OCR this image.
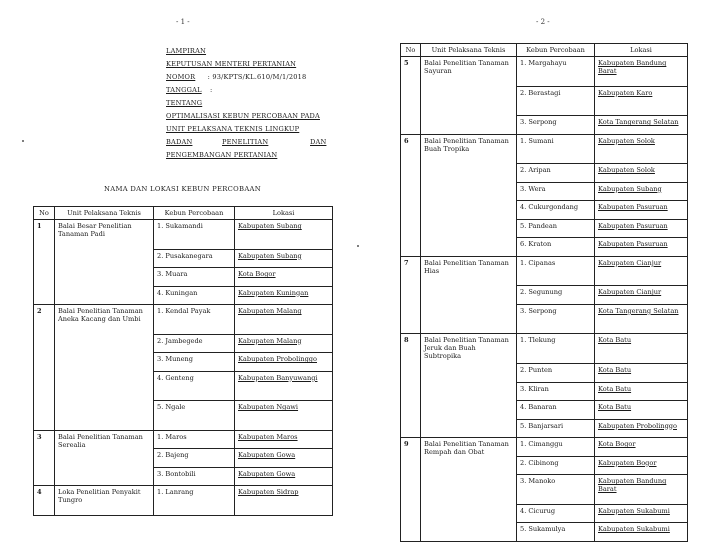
- 1 -	- 2 -
LAMPIRAN
KEPUTUSAN MENTERI PERTANIAN
NOMOR : 93/KPTS/KL.610/M/1/2018
TANGGAL :
TENTANG
OPTIMALISASI KEBUN PERCOBAAN PADA
UNIT PELAKSANA TEKNIS LINGKUP
BADAN	PENELITIAN	DAN
PENGEMBANGAN PERTANIAN
NAMA DAN LOKASI KEBUN PERCOBAAN
No	Unit Pelaksana Teknis	Kebun Percobaan	Lokasi
1	Balai Besar Penelitian Tanaman Padi	1. Sukamandi	Kabupaten Subang
		2. Pusakanegara	Kabupaten Subang
		3. Muara	Kota Bogor
		4. Kuningan	Kabupaten Kuningan
2	Balai Penelitian Tanaman Aneka Kacang dan Umbi	1. Kendal Payak	Kabupaten Malang
		2. Jambegede	Kabupaten Malang
		3. Muneng	Kabupaten Probolinggo
		4. Genteng	Kabupaten Banyuwangi
		5. Ngale	Kabupaten Ngawi
3	Balai Penelitian Tanaman Serealia	1. Maros	Kabupaten Maros
		2. Bajeng	Kabupaten Gowa
		3. Bontobili	Kabupaten Gowa
4	Loka Penelitian Penyakit Tungro	1. Lanrang	Kabupaten Sidrap
No	Unit Pelaksana Teknis	Kebun Percobaan	Lokasi
5	Balai Penelitian Tanaman Sayuran	1. Margahayu	Kabupaten Bandung Barat
		2. Berastagi	Kabupaten Karo
		3. Serpong	Kota Tangerang Selatan
6	Balai Penelitian Tanaman Buah Tropika	1. Sumani	Kabupaten Solok
		2. Aripan	Kabupaten Solok
		3. Wera	Kabupaten Subang
		4. Cukurgondang	Kabupaten Pasuruan
		5. Pandean	Kabupaten Pasuruan
		6. Kraton	Kabupaten Pasuruan
7	Balai Penelitian Tanaman Hias	1. Cipanas	Kabupaten Cianjur
		2. Segunung	Kabupaten Cianjur
		3. Serpong	Kota Tangerang Selatan
8	Balai Penelitian Tanaman Jeruk dan Buah Subtropika	1. Tlekung	Kota Batu
		2. Punten	Kota Batu
		3. Kliran	Kota Batu
		4. Banaran	Kota Batu
		5. Banjarsari	Kabupaten Probolinggo
9	Balai Penelitian Tanaman Rempah dan Obat	1. Cimanggu	Kota Bogor
		2. Cibinong	Kabupaten Bogor
		3. Manoko	Kabupaten Bandung Barat
		4. Cicurug	Kabupaten Sukabumi
		5. Sukamulya	Kabupaten Sukabumi
